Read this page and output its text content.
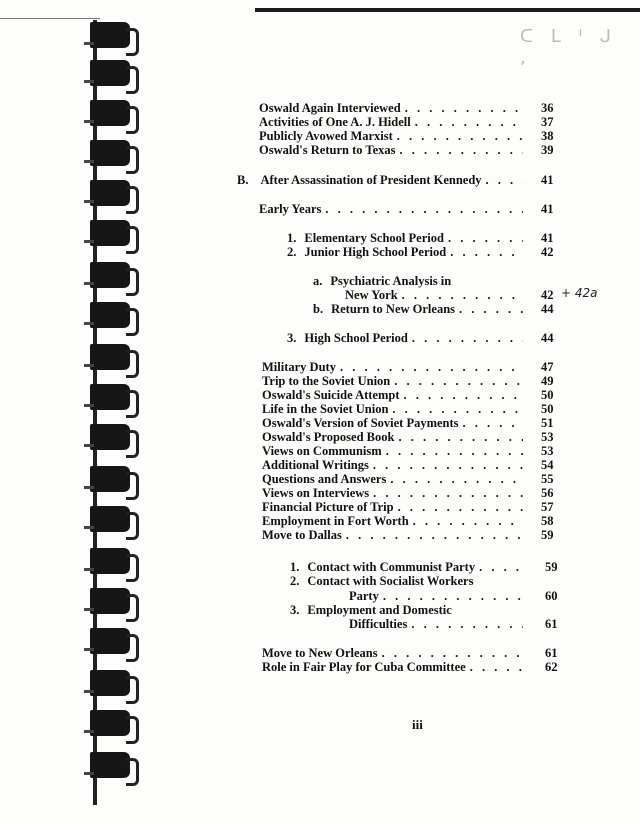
ᑕ ᒪ ᑊ ᒍ ,
Oswald Again Interviewed . . .	36
Activities of One A. J. Hidell . . .	37
Publicly Avowed Marxist . . .	38
Oswald's Return to Texas . . .	39
B. After Assassination of President Kennedy . . .	41
Early Years . . .	41
1. Elementary School Period . . .	41
2. Junior High School Period . . .	42
a. Psychiatric Analysis in
New York . . .	42 + 42a
b. Return to New Orleans . . .	44
3. High School Period . . .	44
Military Duty . . .	47
Trip to the Soviet Union . . .	49
Oswald's Suicide Attempt . . .	50
Life in the Soviet Union . . .	50
Oswald's Version of Soviet Payments . . .	51
Oswald's Proposed Book . . .	53
Views on Communism . . .	53
Additional Writings . . .	54
Questions and Answers . . .	55
Views on Interviews . . .	56
Financial Picture of Trip . . .	57
Employment in Fort Worth . . .	58
Move to Dallas . . .	59
1. Contact with Communist Party . . .	59
2. Contact with Socialist Workers
Party . . .	60
3. Employment and Domestic
Difficulties . . .	61
Move to New Orleans . . .	61
Role in Fair Play for Cuba Committee . . .	62
iii
